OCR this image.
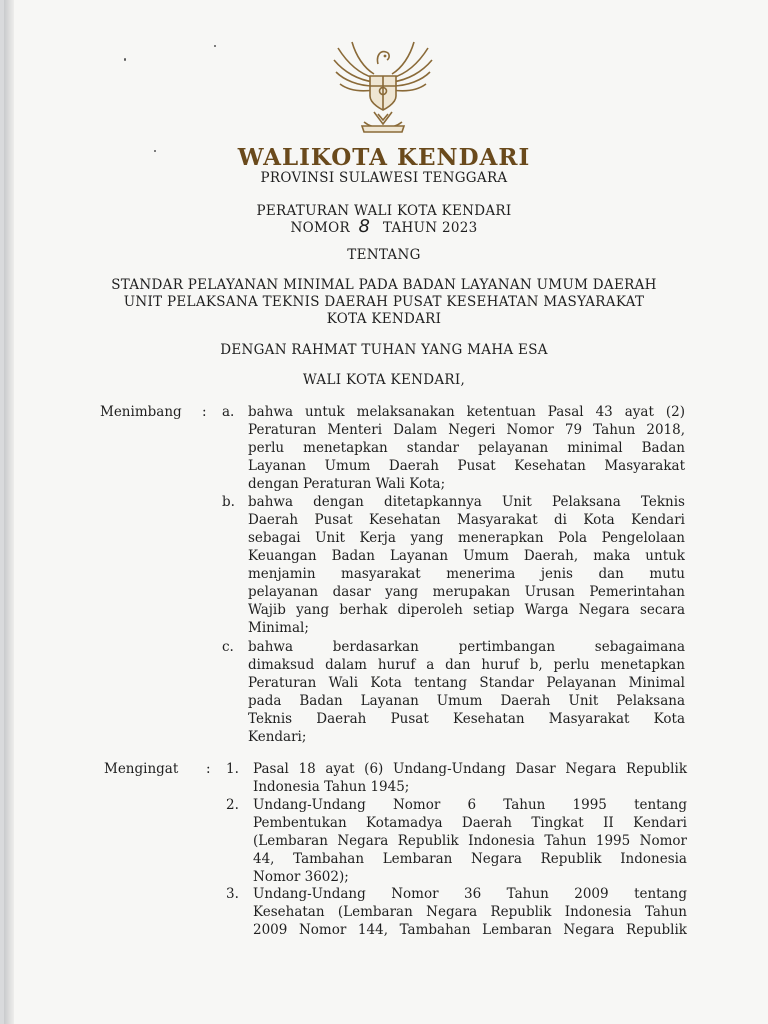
WALIKOTA KENDARI
PROVINSI SULAWESI TENGGARA
PERATURAN WALI KOTA KENDARI
NOMOR 8 TAHUN 2023
TENTANG
STANDAR PELAYANAN MINIMAL PADA BADAN LAYANAN UMUM DAERAH
UNIT PELAKSANA TEKNIS DAERAH PUSAT KESEHATAN MASYARAKAT
KOTA KENDARI
DENGAN RAHMAT TUHAN YANG MAHA ESA
WALI KOTA KENDARI,
Menimbang : a. bahwa untuk melaksanakan ketentuan Pasal 43 ayat (2)
Peraturan Menteri Dalam Negeri Nomor 79 Tahun 2018,
perlu menetapkan standar pelayanan minimal Badan
Layanan Umum Daerah Pusat Kesehatan Masyarakat
dengan Peraturan Wali Kota;
b. bahwa dengan ditetapkannya Unit Pelaksana Teknis
Daerah Pusat Kesehatan Masyarakat di Kota Kendari
sebagai Unit Kerja yang menerapkan Pola Pengelolaan
Keuangan Badan Layanan Umum Daerah, maka untuk
menjamin masyarakat menerima jenis dan mutu
pelayanan dasar yang merupakan Urusan Pemerintahan
Wajib yang berhak diperoleh setiap Warga Negara secara
Minimal;
c. bahwa berdasarkan pertimbangan sebagaimana
dimaksud dalam huruf a dan huruf b, perlu menetapkan
Peraturan Wali Kota tentang Standar Pelayanan Minimal
pada Badan Layanan Umum Daerah Unit Pelaksana
Teknis Daerah Pusat Kesehatan Masyarakat Kota
Kendari;
Mengingat : 1. Pasal 18 ayat (6) Undang-Undang Dasar Negara Republik
Indonesia Tahun 1945;
2. Undang-Undang Nomor 6 Tahun 1995 tentang
Pembentukan Kotamadya Daerah Tingkat II Kendari
(Lembaran Negara Republik Indonesia Tahun 1995 Nomor
44, Tambahan Lembaran Negara Republik Indonesia
Nomor 3602);
3. Undang-Undang Nomor 36 Tahun 2009 tentang
Kesehatan (Lembaran Negara Republik Indonesia Tahun
2009 Nomor 144, Tambahan Lembaran Negara Republik
